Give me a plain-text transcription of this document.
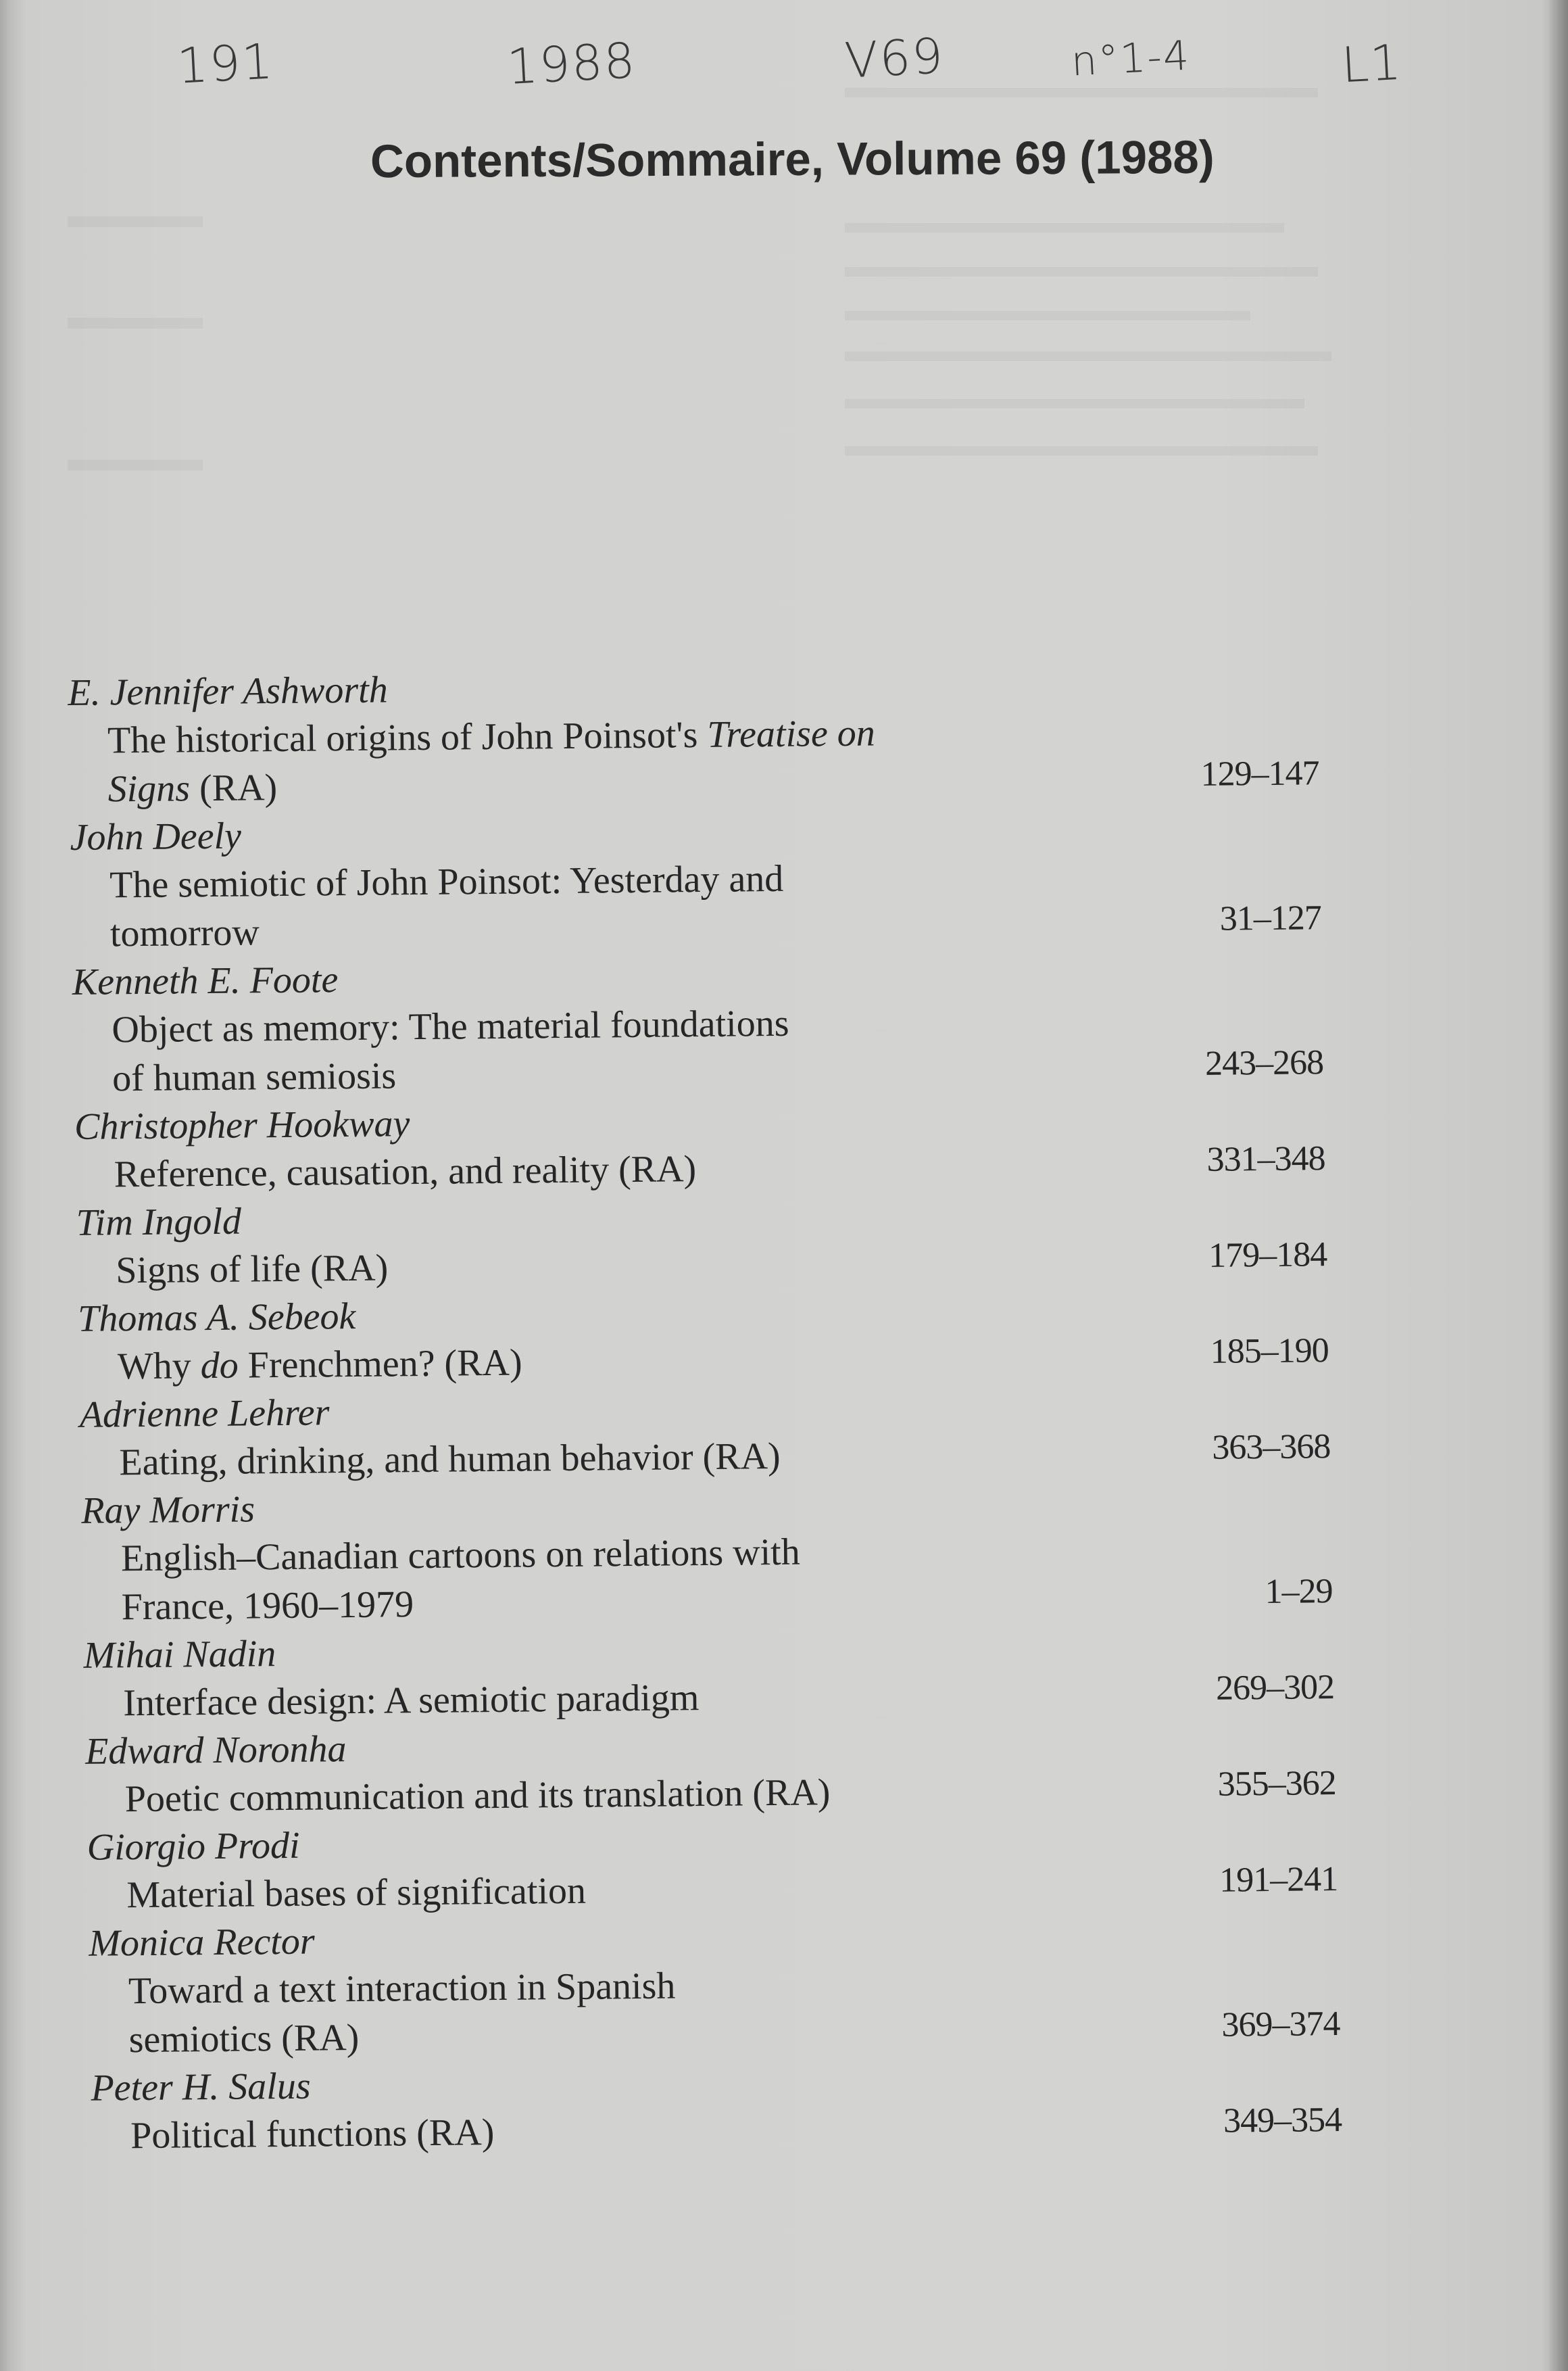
191	1988	V69	n°1-4	L1
Contents/Sommaire, Volume 69 (1988)
E. Jennifer Ashworth
The historical origins of John Poinsot's Treatise on
Signs (RA)	129–147
John Deely
The semiotic of John Poinsot: Yesterday and
tomorrow	31–127
Kenneth E. Foote
Object as memory: The material foundations
of human semiosis	243–268
Christopher Hookway
Reference, causation, and reality (RA)	331–348
Tim Ingold
Signs of life (RA)	179–184
Thomas A. Sebeok
Why do Frenchmen? (RA)	185–190
Adrienne Lehrer
Eating, drinking, and human behavior (RA)	363–368
Ray Morris
English–Canadian cartoons on relations with
France, 1960–1979	1–29
Mihai Nadin
Interface design: A semiotic paradigm	269–302
Edward Noronha
Poetic communication and its translation (RA)	355–362
Giorgio Prodi
Material bases of signification	191–241
Monica Rector
Toward a text interaction in Spanish
semiotics (RA)	369–374
Peter H. Salus
Political functions (RA)	349–354
